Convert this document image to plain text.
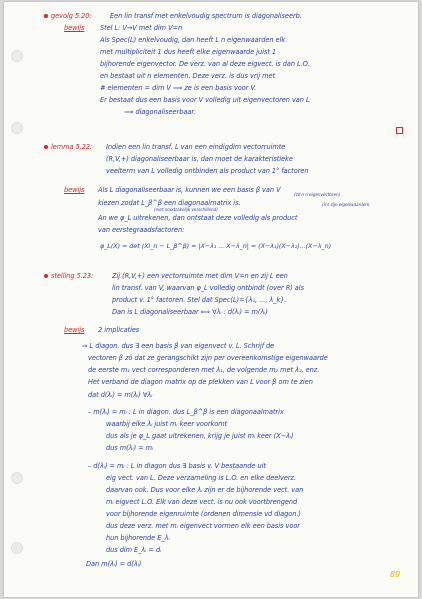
gevolg 5.20:	Een lin transf met enkelvoudig spectrum is diagonaliseerb.
bewijs Stel L: V→V met dim V=n
Als Spec(L) enkelvoudig, dan heeft L n eigenwaarden elk
met multipliciteit 1 dus heeft elke eigenwaarde juist 1
bijhorende eigenvector. De verz. van al deze eigvect. is dan L.O.
en bestaat uit n elementen. Deze verz. is dus vrij met
# elementen = dim V ⟹ ze is een basis voor V.
Er bestaat dus een basis voor V volledig uit eigenvectoren van L
⟹ diagonaliseerbaar.
lemma 5.22: Indien een lin transf. L van een eindigdim vectorruimte
(R,V,+) diagonaliseerbaar is, dan moet de karakteristieke
veelterm van L volledig ontbinden als product van 1° factoren
bewijs Als L diagonaliseerbaar is, kunnen we een basis β van V
kiezen zodat L_β^β een diagonaalmatrix is.
(zo'n n eigenvectoren)
(niet noodzakelijk verschillend)
(λ's zijn eigenwaarden)
An we φ_L uitrekenen, dan ontstaat deze volledig als product
van eerstegraadsfactoren:
φ_L(X) = det (XI_n − L_β^β) = |X−λ₁ ... X−λ_n| = (X−λ₁)(X−λ₂)...(X−λ_n)
stelling 5.23:	Zij (R,V,+) een vectorruimte met dim V=n en zij L een
lin transf. van V, waarvan φ_L volledig ontbindt (over R) als
product v. 1° factoren. Stel dat Spec(L)={λ₁, ..., λ_k}.
Dan is L diagonaliseerbaar ⟺ ∀λᵢ : d(λᵢ) = m(λᵢ)
bewijs 2 implicaties
⇒ L diagon. dus ∃ een basis β van eigenvect v. L. Schrijf de
vectoren β zó dat ze gerangschikt zijn per overeenkomstige eigenwaarde
de eerste m₁ vect corresponderen met λ₁, de volgende m₂ met λ₂, enz.
Het verband de diagon matrix op de plekken van L voor β om te zien
dat d(λᵢ) = m(λᵢ) ∀λᵢ
– m(λᵢ) = mᵢ : L in diagon. dus L_β^β is een diagonaalmatrix
waarbij elke λᵢ juist mᵢ keer voorkomt
dus als je φ_L gaat uitrekenen, krijg je juist mᵢ keer (X−λᵢ)
dus m(λᵢ) = mᵢ
– d(λᵢ) = mᵢ : L in diagon dus ∃ basis v. V bestaande uit
eig vect. van L. Deze verzameling is L.O. en elke deelverz.
daarvan ook. Dus voor elke λᵢ zijn er de bijhorende vect. van
mᵢ eigvect L.O. Elk van deze vect. is nu ook voortbrengend
voor bijhorende eigenruimte (ordenen dimensie vd diagon.)
dus deze verz. met mᵢ eigenvect vormen elk een basis voor
hun bijhorende E_λᵢ
dus dim E_λᵢ = dᵢ
Dan m(λᵢ) = d(λᵢ)
89
